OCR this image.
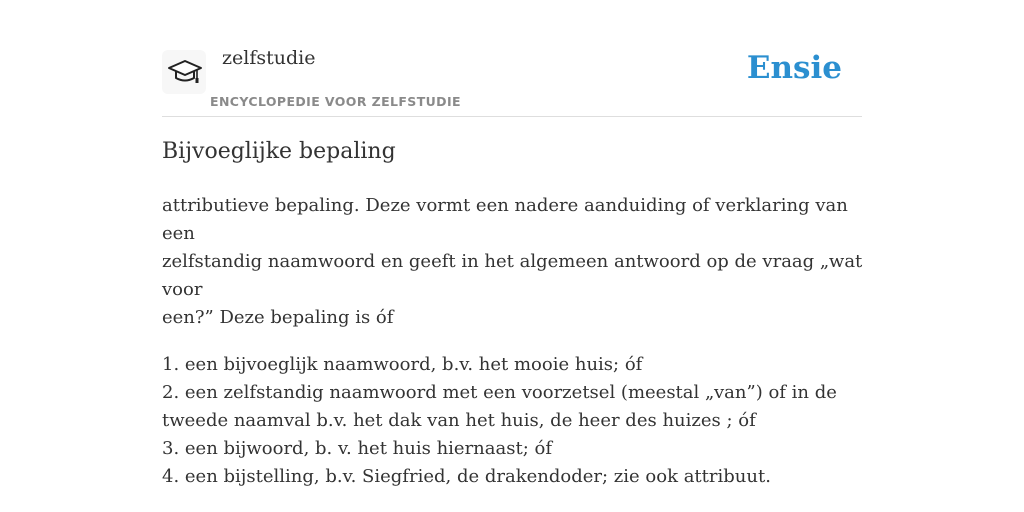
zelfstudie
ENCYCLOPEDIE VOOR ZELFSTUDIE
Ensie
Bijvoeglijke bepaling

attributieve bepaling. Deze vormt een nadere aanduiding of verklaring van een

zelfstandig naamwoord en geeft in het algemeen antwoord op de vraag „wat voor

een?” Deze bepaling is óf

1. een bijvoeglijk naamwoord, b.v. het mooie huis; óf

2. een zelfstandig naamwoord met een voorzetsel (meestal „van”) of in de

tweede naamval b.v. het dak van het huis, de heer des huizes ; óf

3. een bijwoord, b. v. het huis hiernaast; óf

4. een bijstelling, b.v. Siegfried, de drakendoder; zie ook attribuut.
